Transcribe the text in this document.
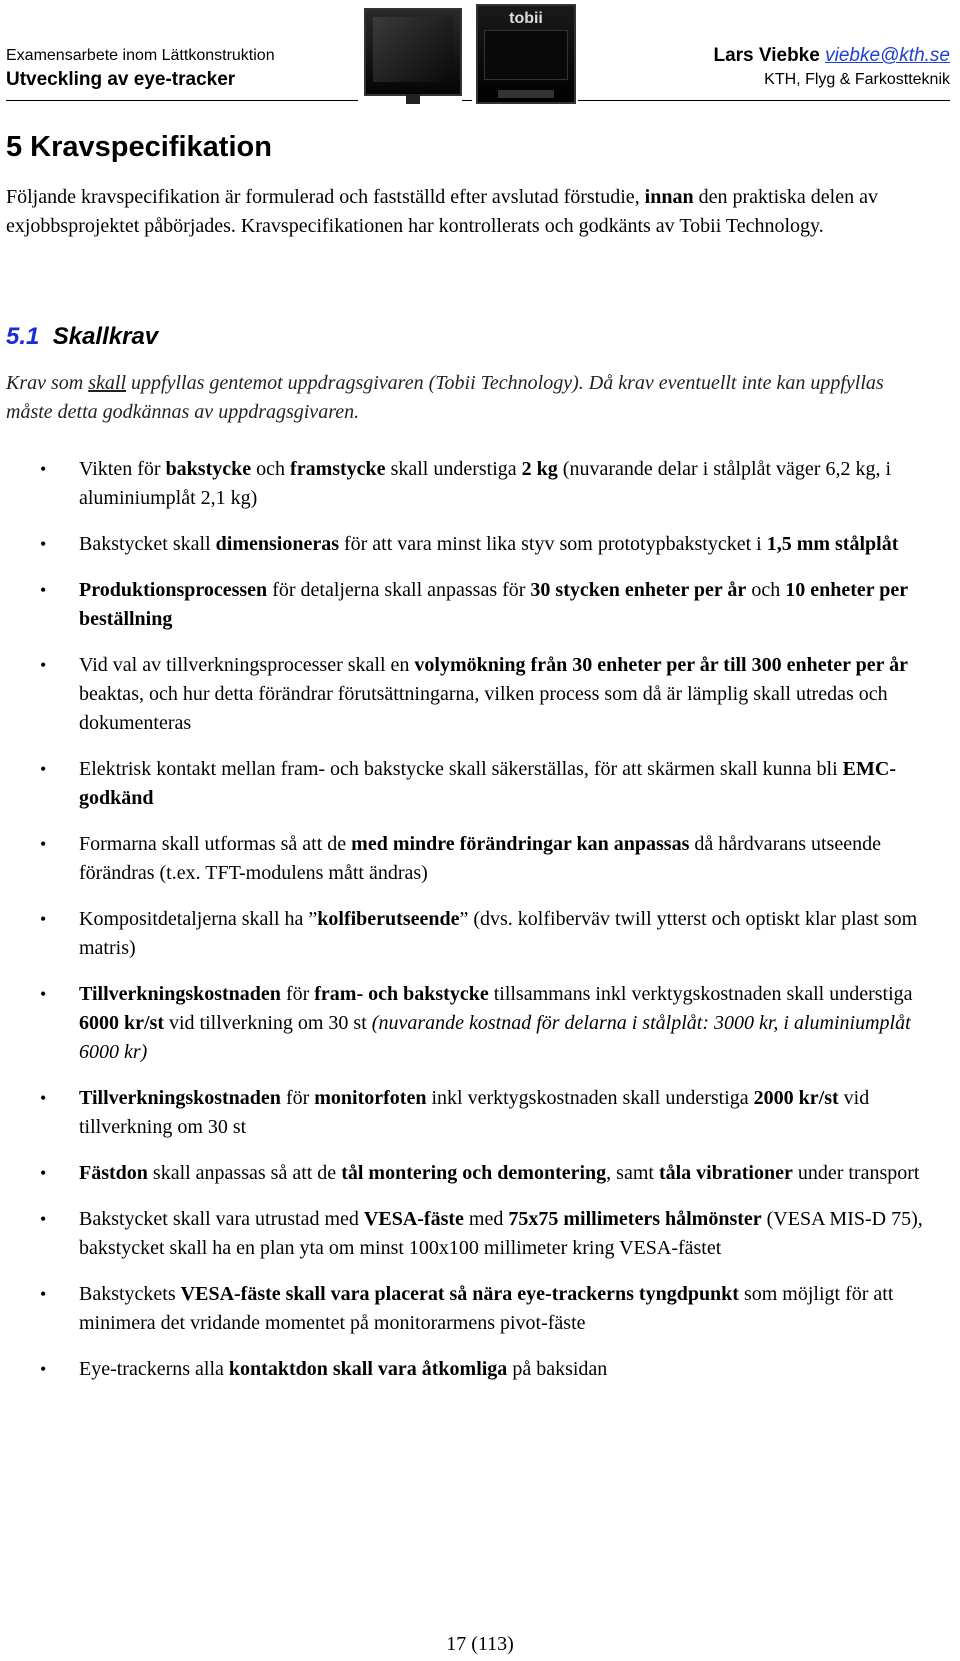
Examensarbete inom Lättkonstruktion
Utveckling av eye-tracker
tobii
Lars Viebke viebke@kth.se
KTH, Flyg & Farkostteknik
5 Kravspecifikation
Följande kravspecifikation är formulerad och fastställd efter avslutad förstudie, innan den praktiska delen av exjobbsprojektet påbörjades. Kravspecifikationen har kontrollerats och godkänts av Tobii Technology.
5.1 Skallkrav
Krav som skall uppfyllas gentemot uppdragsgivaren (Tobii Technology). Då krav eventuellt inte kan uppfyllas måste detta godkännas av uppdragsgivaren.
• Vikten för bakstycke och framstycke skall understiga 2 kg (nuvarande delar i stålplåt väger 6,2 kg, i aluminiumplåt 2,1 kg)
• Bakstycket skall dimensioneras för att vara minst lika styv som prototypbakstycket i 1,5 mm stålplåt
• Produktionsprocessen för detaljerna skall anpassas för 30 stycken enheter per år och 10 enheter per beställning
• Vid val av tillverkningsprocesser skall en volymökning från 30 enheter per år till 300 enheter per år beaktas, och hur detta förändrar förutsättningarna, vilken process som då är lämplig skall utredas och dokumenteras
• Elektrisk kontakt mellan fram- och bakstycke skall säkerställas, för att skärmen skall kunna bli EMC-godkänd
• Formarna skall utformas så att de med mindre förändringar kan anpassas då hårdvarans utseende förändras (t.ex. TFT-modulens mått ändras)
• Kompositdetaljerna skall ha ”kolfiberutseende” (dvs. kolfiberväv twill ytterst och optiskt klar plast som matris)
• Tillverkningskostnaden för fram- och bakstycke tillsammans inkl verktygskostnaden skall understiga 6000 kr/st vid tillverkning om 30 st (nuvarande kostnad för delarna i stålplåt: 3000 kr, i aluminiumplåt 6000 kr)
• Tillverkningskostnaden för monitorfoten inkl verktygskostnaden skall understiga 2000 kr/st vid tillverkning om 30 st
• Fästdon skall anpassas så att de tål montering och demontering, samt tåla vibrationer under transport
• Bakstycket skall vara utrustad med VESA-fäste med 75x75 millimeters hålmönster (VESA MIS-D 75), bakstycket skall ha en plan yta om minst 100x100 millimeter kring VESA-fästet
• Bakstyckets VESA-fäste skall vara placerat så nära eye-trackerns tyngdpunkt som möjligt för att minimera det vridande momentet på monitorarmens pivot-fäste
• Eye-trackerns alla kontaktdon skall vara åtkomliga på baksidan
17 (113)
